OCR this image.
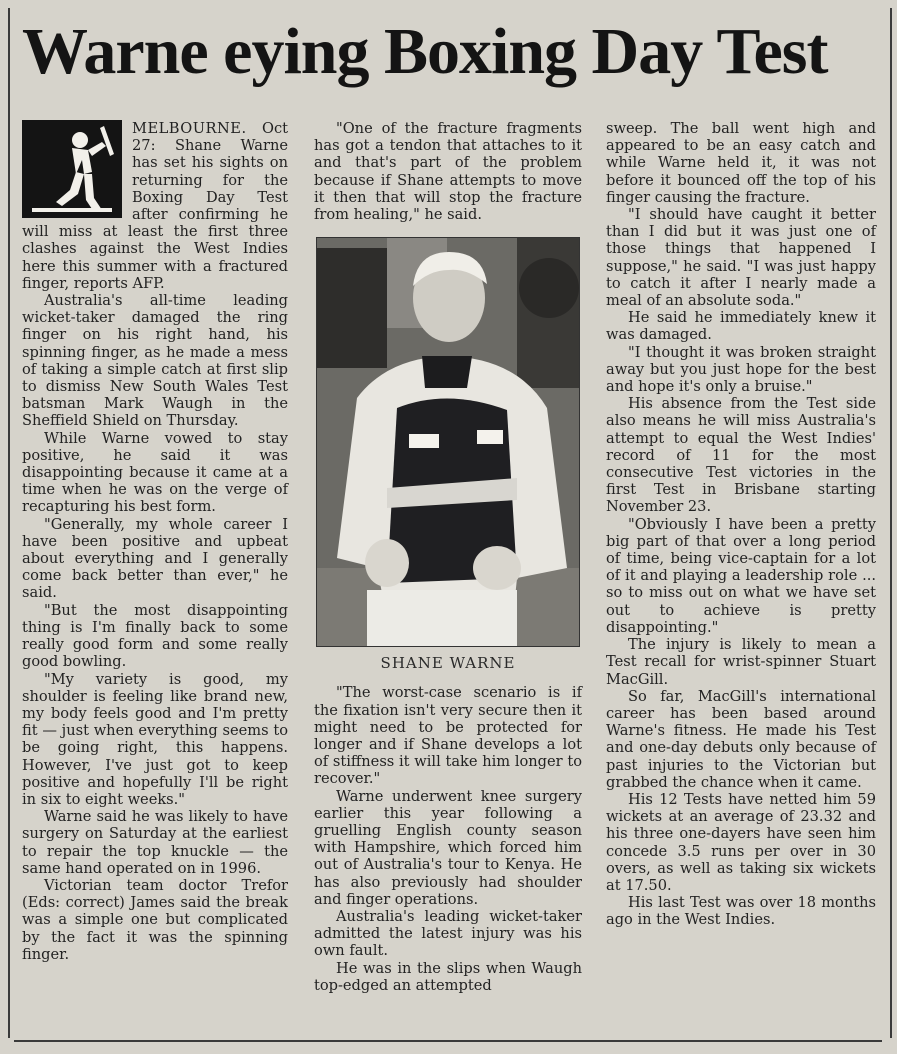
Warne eying Boxing Day Test

MELBOURNE. Oct 27: Shane Warne has set his sights on returning for the Boxing Day Test after confirming he will miss at least the first three clashes against the West Indies here this summer with a fractured finger, reports AFP.

Australia's all-time leading wicket-taker damaged the ring finger on his right hand, his spinning finger, as he made a mess of taking a simple catch at first slip to dismiss New South Wales Test batsman Mark Waugh in the Sheffield Shield on Thursday.

While Warne vowed to stay positive, he said it was disappointing because it came at a time when he was on the verge of recapturing his best form.

"Generally, my whole career I have been positive and upbeat about everything and I generally come back better than ever," he said.

"But the most disappointing thing is I'm finally back to some really good form and some really good bowling.

"My variety is good, my shoulder is feeling like brand new, my body feels good and I'm pretty fit — just when everything seems to be going right, this happens. However, I've just got to keep positive and hopefully I'll be right in six to eight weeks."

Warne said he was likely to have surgery on Saturday at the earliest to repair the top knuckle — the same hand operated on in 1996.

Victorian team doctor Trefor (Eds: correct) James said the break was a simple one but complicated by the fact it was the spinning finger.

"One of the fracture fragments has got a tendon that attaches to it and that's part of the problem because if Shane attempts to move it then that will stop the fracture from healing," he said.

SHANE WARNE

"The worst-case scenario is if the fixation isn't very secure then it might need to be protected for longer and if Shane develops a lot of stiffness it will take him longer to recover."

Warne underwent knee surgery earlier this year following a gruelling English county season with Hampshire, which forced him out of Australia's tour to Kenya. He has also previously had shoulder and finger operations.

Australia's leading wicket-taker admitted the latest injury was his own fault.

He was in the slips when Waugh top-edged an attempted

sweep. The ball went high and appeared to be an easy catch and while Warne held it, it was not before it bounced off the top of his finger causing the fracture.

"I should have caught it better than I did but it was just one of those things that happened I suppose," he said. "I was just happy to catch it after I nearly made a meal of an absolute soda."

He said he immediately knew it was damaged.

"I thought it was broken straight away but you just hope for the best and hope it's only a bruise."

His absence from the Test side also means he will miss Australia's attempt to equal the West Indies' record of 11 for the most consecutive Test victories in the first Test in Brisbane starting November 23.

"Obviously I have been a pretty big part of that over a long period of time, being vice-captain for a lot of it and playing a leadership role ... so to miss out on what we have set out to achieve is pretty disappointing."

The injury is likely to mean a Test recall for wrist-spinner Stuart MacGill.

So far, MacGill's international career has been based around Warne's fitness. He made his Test and one-day debuts only because of past injuries to the Victorian but grabbed the chance when it came.

His 12 Tests have netted him 59 wickets at an average of 23.32 and his three one-dayers have seen him concede 3.5 runs per over in 30 overs, as well as taking six wickets at 17.50.

His last Test was over 18 months ago in the West Indies.
